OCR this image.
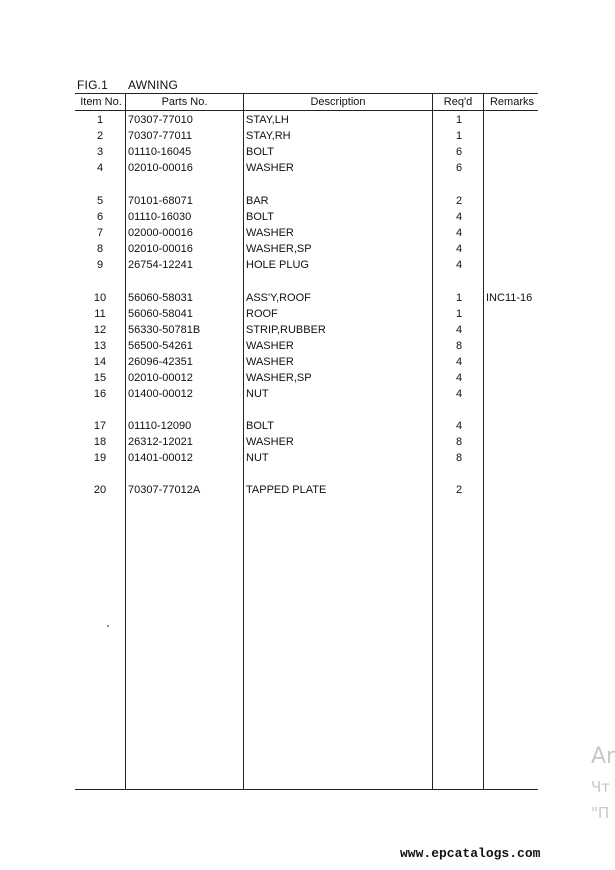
FIG.1 AWNING
Item No.	Parts No.	Description	Req'd	Remarks
1	70307-77010	STAY,LH	1
2	70307-77011	STAY,RH	1
3	01110-16045	BOLT	6
4	02010-00016	WASHER	6
5	70101-68071	BAR	2
6	01110-16030	BOLT	4
7	02000-00016	WASHER	4
8	02010-00016	WASHER,SP	4
9	26754-12241	HOLE PLUG	4
10	56060-58031	ASS'Y,ROOF	1	INC11-16
11	56060-58041	ROOF	1
12	56330-50781B	STRIP,RUBBER	4
13	56500-54261	WASHER	8
14	26096-42351	WASHER	4
15	02010-00012	WASHER,SP	4
16	01400-00012	NUT	4
17	01110-12090	BOLT	4
18	26312-12021	WASHER	8
19	01401-00012	NUT	8
20	70307-77012A	TAPPED PLATE	2
Ar
Чт
"П
www.epcatalogs.com
